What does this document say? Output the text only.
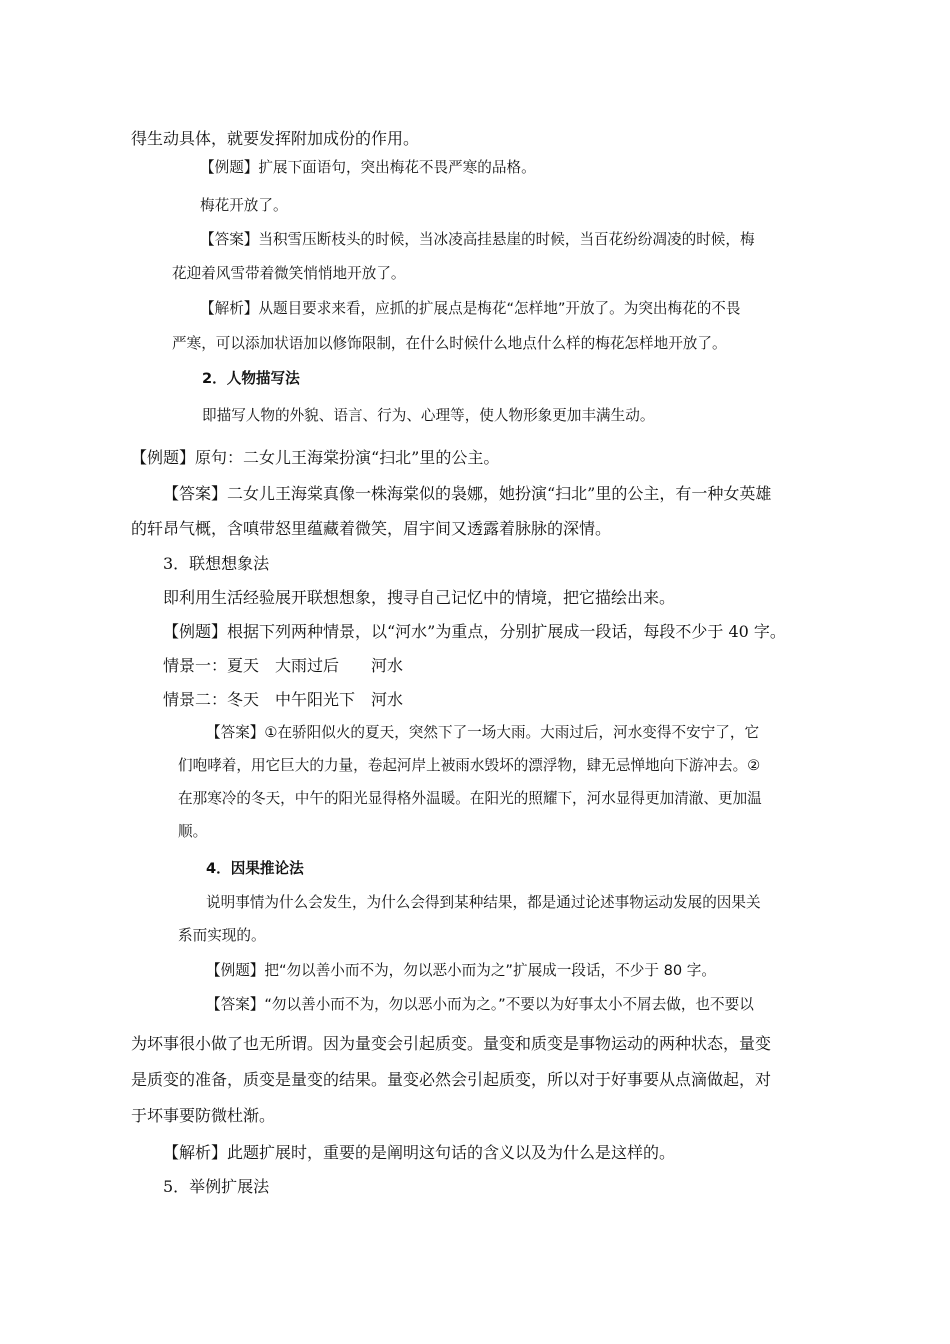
得生动具体，就要发挥附加成份的作用。

【例题】扩展下面语句，突出梅花不畏严寒的品格。

梅花开放了。

【答案】当积雪压断枝头的时候，当冰凌高挂悬崖的时候，当百花纷纷凋凌的时候，梅

花迎着风雪带着微笑悄悄地开放了。

【解析】从题目要求来看，应抓的扩展点是梅花“怎样地”开放了。为突出梅花的不畏

严寒，可以添加状语加以修饰限制，在什么时候什么地点什么样的梅花怎样地开放了。

2．人物描写法

即描写人物的外貌、语言、行为、心理等，使人物形象更加丰满生动。

【例题】原句：二女儿王海棠扮演“扫北”里的公主。

【答案】二女儿王海棠真像一株海棠似的袅娜，她扮演“扫北”里的公主，有一种女英雄

的轩昂气概，含嗔带怒里蕴藏着微笑，眉宇间又透露着脉脉的深情。

3．联想想象法

即利用生活经验展开联想想象，搜寻自己记忆中的情境，把它描绘出来。

【例题】根据下列两种情景，以“河水”为重点，分别扩展成一段话，每段不少于 40 字。

情景一：夏天　大雨过后　　河水

情景二：冬天　中午阳光下　河水

【答案】①在骄阳似火的夏天，突然下了一场大雨。大雨过后，河水变得不安宁了，它

们咆哮着，用它巨大的力量，卷起河岸上被雨水毁坏的漂浮物，肆无忌惮地向下游冲去。②

在那寒冷的冬天，中午的阳光显得格外温暖。在阳光的照耀下，河水显得更加清澈、更加温

顺。

4．因果推论法

说明事情为什么会发生，为什么会得到某种结果，都是通过论述事物运动发展的因果关

系而实现的。

【例题】把“勿以善小而不为，勿以恶小而为之”扩展成一段话，不少于 80 字。

【答案】“勿以善小而不为，勿以恶小而为之。”不要以为好事太小不屑去做，也不要以

为坏事很小做了也无所谓。因为量变会引起质变。量变和质变是事物运动的两种状态，量变

是质变的准备，质变是量变的结果。量变必然会引起质变，所以对于好事要从点滴做起，对

于坏事要防微杜渐。

【解析】此题扩展时，重要的是阐明这句话的含义以及为什么是这样的。

5．举例扩展法
